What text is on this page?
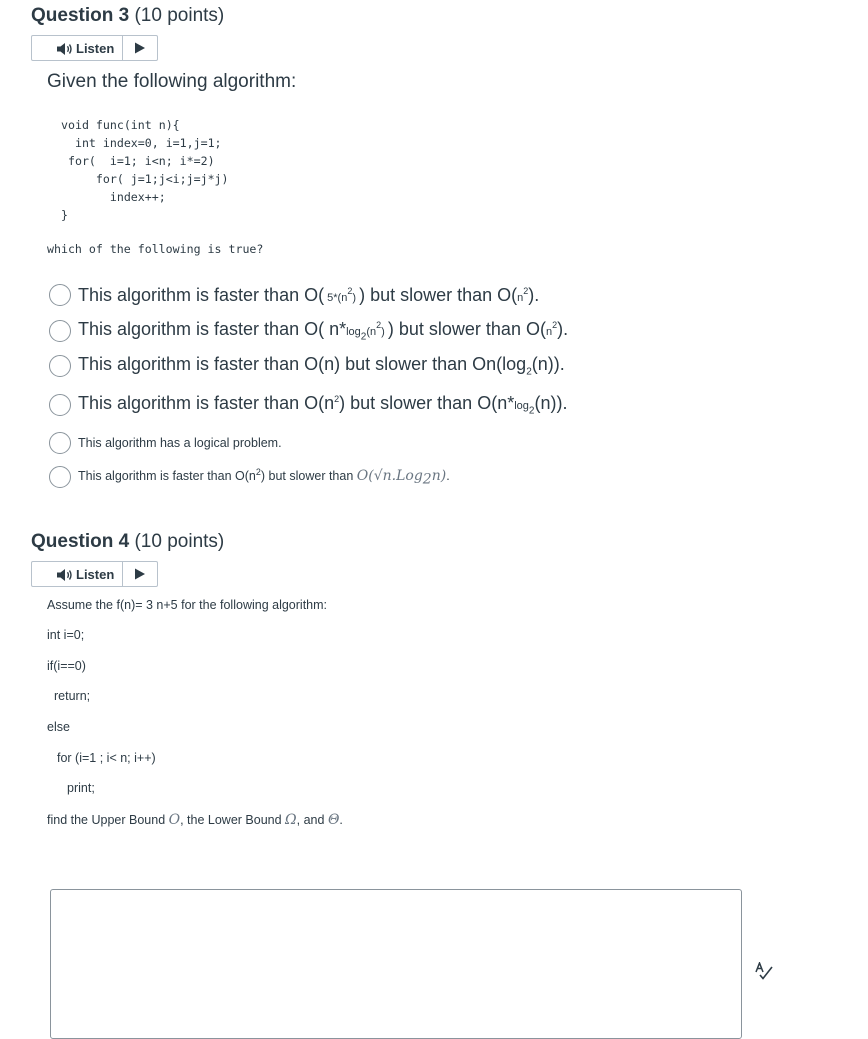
Question 3 (10 points)
Listen
Given the following algorithm:
void func(int n){
int index=0, i=1,j=1;
for(  i=1; i<n; i*=2)
for( j=1;j<i;j=j*j)
index++;
}
which of the following is true?
This algorithm is faster than O( $5*(n^2)$ ) but slower than $O(n^2)$.
This algorithm is faster than O( $n*\log_2(n^2)$ ) but slower than $O(n^2)$.
This algorithm is faster than O(n) but slower than $On(\log_2(n))$.
This algorithm is faster than $O(n^2)$ but slower than $O(n*\log_2(n))$.
This algorithm has a logical problem.
This algorithm is faster than $O(n^2)$ but slower than O(√n.Log2n).
Question 4 (10 points)
Listen
Assume the f(n)= 3 n+5 for the following algorithm:
int i=0;
if(i==0)
return;
else
for (i=1 ; i< n; i++)
print;
find the Upper Bound O, the Lower Bound Ω, and Θ.
